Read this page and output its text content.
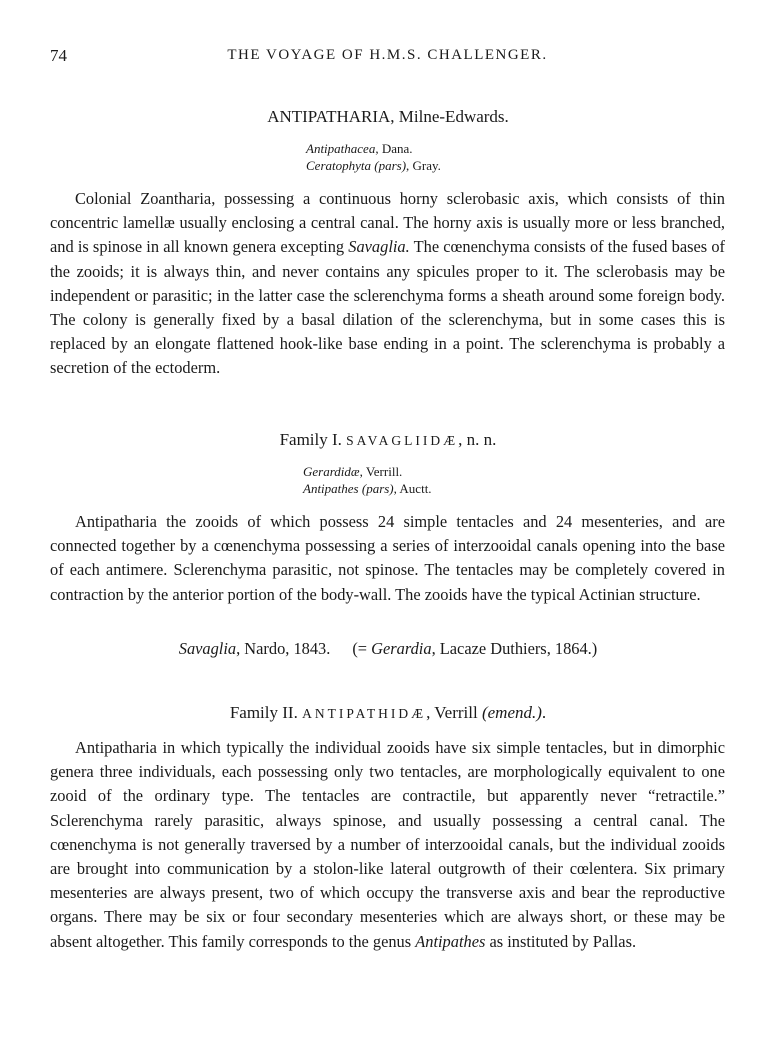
74	THE VOYAGE OF H.M.S. CHALLENGER.
ANTIPATHARIA, Milne-Edwards.
Antipathacea, Dana.
Ceratophyta (pars), Gray.
Colonial Zoantharia, possessing a continuous horny sclerobasic axis, which consists of thin concentric lamellæ usually enclosing a central canal. The horny axis is usually more or less branched, and is spinose in all known genera excepting Savaglia. The cœnenchyma consists of the fused bases of the zooids; it is always thin, and never contains any spicules proper to it. The sclerobasis may be independent or parasitic; in the latter case the sclerenchyma forms a sheath around some foreign body. The colony is generally fixed by a basal dilation of the sclerenchyma, but in some cases this is replaced by an elongate flattened hook-like base ending in a point. The sclerenchyma is probably a secretion of the ectoderm.
Family I. SAVAGLIIDÆ, n. n.
Gerardidæ, Verrill.
Antipathes (pars), Auctt.
Antipatharia the zooids of which possess 24 simple tentacles and 24 mesenteries, and are connected together by a cœnenchyma possessing a series of interzooidal canals opening into the base of each antimere. Sclerenchyma parasitic, not spinose. The tentacles may be completely covered in contraction by the anterior portion of the body-wall. The zooids have the typical Actinian structure.
Savaglia, Nardo, 1843. (= Gerardia, Lacaze Duthiers, 1864.)
Family II. ANTIPATHIDÆ, Verrill (emend.).
Antipatharia in which typically the individual zooids have six simple tentacles, but in dimorphic genera three individuals, each possessing only two tentacles, are morphologically equivalent to one zooid of the ordinary type. The tentacles are contractile, but apparently never “retractile.” Sclerenchyma rarely parasitic, always spinose, and usually possessing a central canal. The cœnenchyma is not generally traversed by a number of interzooidal canals, but the individual zooids are brought into communication by a stolon-like lateral outgrowth of their cœlentera. Six primary mesenteries are always present, two of which occupy the transverse axis and bear the reproductive organs. There may be six or four secondary mesenteries which are always short, or these may be absent altogether. This family corresponds to the genus Antipathes as instituted by Pallas.
